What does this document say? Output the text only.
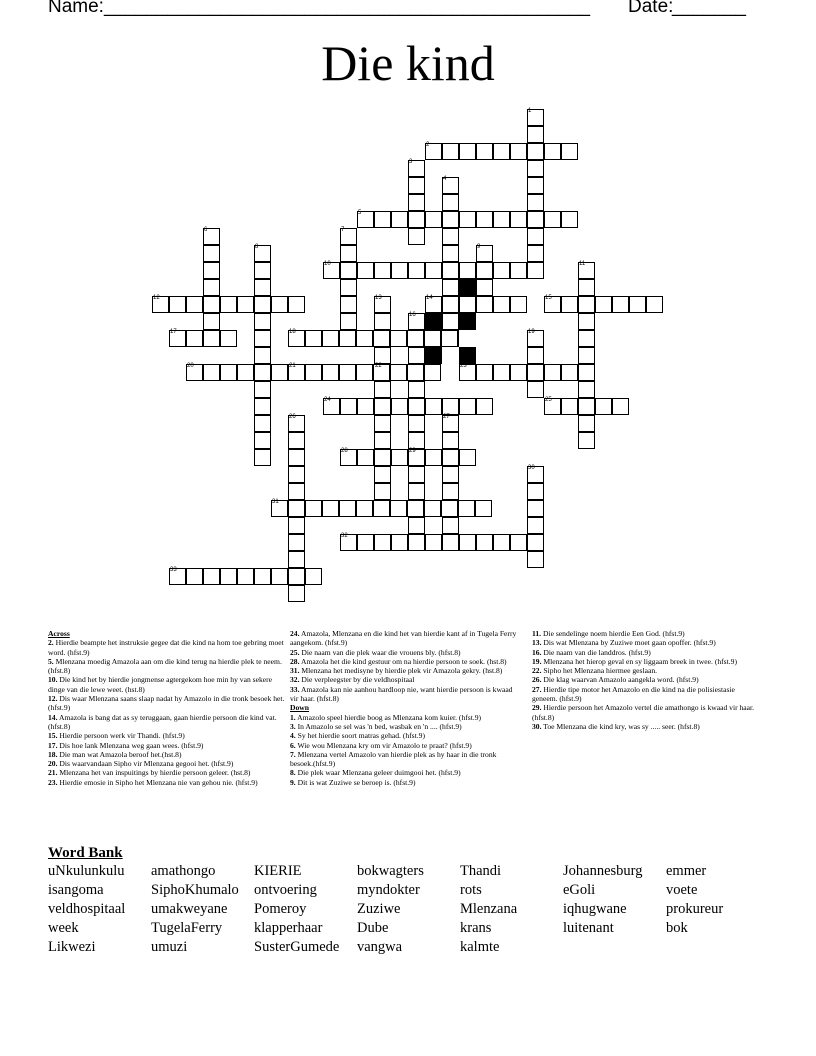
Name: ______________________________________________ Date:
_______
Die kind
1
2
3
4
5
6	7
8	9
10	11
12	13	14	15
16
17	18	19
20	21	22	23
24	25
26	27
28	29
30
31
32
33
Across
2. Hierdie beampte het instruksie gegee dat die kind na hom toe gebring moet word. (hfst.9)
5. Mlenzana moedig Amazola aan om die kind terug na hierdie plek te neem.(hfst.8)
10. Die kind het by hierdie jongmense agtergekom hoe min hy van sekere dinge van die lewe weet. (hst.8)
12. Dis waar Mlenzana saans slaap nadat hy Amazolo in die tronk besoek het. (hfst.9)
14. Amazola is bang dat as sy teruggaan, gaan hierdie persoon die kind vat. (hfst.8)
15. Hierdie persoon werk vir Thandi. (hfst.9)
17. Dis hoe lank Mlenzana weg gaan wees. (hfst.9)
18. Die man wat Amazola beroof het.(hst.8)
20. Dis waarvandaan Sipho vir Mlenzana gegooi het. (hfst.9)
21. Mlenzana het van inspuitings by hierdie persoon geleer. (hst.8)
23. Hierdie emosie in Sipho het Mlenzana nie van gehou nie. (hfst.9)
24. Amazola, Mlenzana en die kind het van hierdie kant af in Tugela Ferry aangekom. (hfst.9)
25. Die naam van die plek waar die vrouens bly. (hfst.8)
28. Amazola het die kind gestuur om na hierdie persoon te soek. (hst.8)
31. Mlenzana het medisyne by hierdie plek vir Amazola gekry. (hst.8)
32. Die verpleegster by die veldhospitaal
33. Amazola kan nie aanhou hardloop nie, want hierdie persoon is kwaad vir haar. (hfst.8)
Down
1. Amazolo speel hierdie boog as Mlenzana kom kuier. (hfst.9)
3. In Amazolo se sel was 'n bed, wasbak en 'n .... (hfst.9)
4. Sy het hierdie soort matras gehad. (hfst.9)
6. Wie wou Mlenzana kry om vir Amazolo te praat? (hfst.9)
7. Mlenzana vertel Amazolo van hierdie plek as hy haar in die tronk besoek.(hfst.9)
8. Die plek waar Mlenzana geleer duimgooi het. (hfst.9)
9. Dit is wat Zuziwe se beroep is. (hfst.9)
11. Die sendelinge noem hierdie Een God. (hfst.9)
13. Dis wat Mlenzana by Zuziwe moet gaan opoffer. (hfst.9)
16. Die naam van die landdros. (hfst.9)
19. Mlenzana het hierop geval en sy liggaam breek in twee. (hfst.9)
22. Sipho het Mlenzana hiermee geslaan.
26. Die klag waarvan Amazolo aangekla word. (hfst.9)
27. Hierdie tipe motor het Amazolo en die kind na die polisiestasie geneem. (hfst.9)
29. Hierdie persoon het Amazolo vertel die amathongo is kwaad vir haar. (hfst.8)
30. Toe Mlenzana die kind kry, was sy ..... seer. (hfst.8)
Word Bank
uNkulunkulu
isangoma
veldhospitaal
week
Likwezi
amathongo
SiphoKhumalo
umakweyane
TugelaFerry
umuzi
KIERIE
ontvoering
Pomeroy
klapperhaar
SusterGumede
bokwagters
myndokter
Zuziwe
Dube
vangwa
Thandi
rots
Mlenzana
krans
kalmte
Johannesburg
eGoli
iqhugwane
luitenant
emmer
voete
prokureur
bok
